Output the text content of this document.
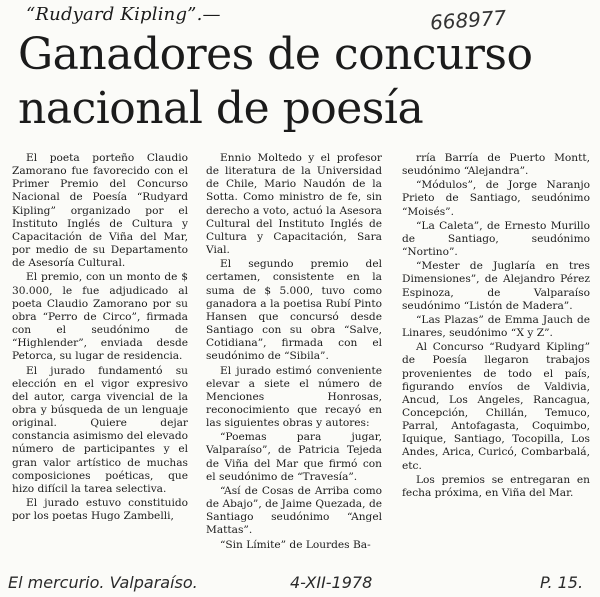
“Rudyard Kipling”.—	668977
Ganadores de concurso nacional de poesía

El poeta porteño Claudio Zamorano fue favorecido con el Primer Premio del Concurso Nacional de Poesía “Rudyard Kipling” organizado por el Instituto Inglés de Cultura y Capacitación de Viña del Mar, por medio de su Departamento de Asesoría Cultural.

El premio, con un monto de $ 30.000, le fue adjudicado al poeta Claudio Zamorano por su obra “Perro de Circo”, firmada con el seudónimo de “Highlender”, enviada desde Petorca, su lugar de residencia.

El jurado fundamentó su elección en el vigor expresivo del autor, carga vivencial de la obra y búsqueda de un lenguaje original. Quiere dejar constancia asimismo del elevado número de participantes y el gran valor artístico de muchas composiciones poéticas, que hizo difícil la tarea selectiva.

El jurado estuvo constituido por los poetas Hugo Zambelli,

Ennio Moltedo y el profesor de literatura de la Universidad de Chile, Mario Naudón de la Sotta. Como ministro de fe, sin derecho a voto, actuó la Asesora Cultural del Instituto Inglés de Cultura y Capacitación, Sara Vial.

El segundo premio del certamen, consistente en la suma de $ 5.000, tuvo como ganadora a la poetisa Rubí Pinto Hansen que concursó desde Santiago con su obra “Salve, Cotidiana”, firmada con el seudónimo de “Sibila”.

El jurado estimó conveniente elevar a siete el número de Menciones Honrosas, reconocimiento que recayó en las siguientes obras y autores:

“Poemas para jugar, Valparaíso”, de Patricia Tejeda de Viña del Mar que firmó con el seudónimo de “Travesía”.

“Así de Cosas de Arriba como de Abajo”, de Jaime Quezada, de Santiago seudónimo “Angel Mattas”.

“Sin Límite” de Lourdes Ba-

rría Barría de Puerto Montt, seudónimo “Alejandra”.

“Módulos”, de Jorge Naranjo Prieto de Santiago, seudónimo “Moisés”.

“La Caleta”, de Ernesto Murillo de Santiago, seudónimo “Nortino”.

“Mester de Juglaría en tres Dimensiones”, de Alejandro Pérez Espinoza, de Valparaíso seudónimo “Listón de Madera”.

“Las Plazas” de Emma Jauch de Linares, seudónimo “X y Z”.

Al Concurso “Rudyard Kipling” de Poesía llegaron trabajos provenientes de todo el país, figurando envíos de Valdivia, Ancud, Los Angeles, Rancagua, Concepción, Chillán, Temuco, Parral, Antofagasta, Coquimbo, Iquique, Santiago, Tocopilla, Los Andes, Arica, Curicó, Combarbalá, etc.

Los premios se entregaran en fecha próxima, en Viña del Mar.

El mercurio. Valparaíso.	4-XII-1978	P. 15.
